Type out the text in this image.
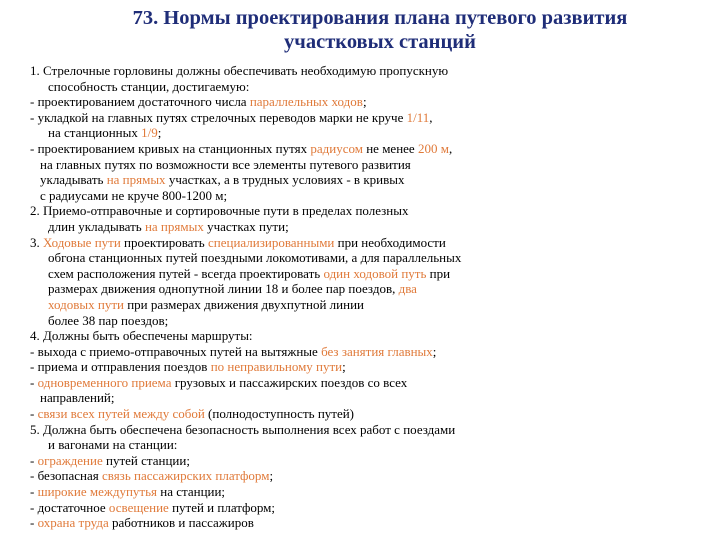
73. Нормы проектирования плана путевого развития
участковых станций
1. Стрелочные горловины должны обеспечивать необходимую пропускную
способность станции, достигаемую:
- проектированием достаточного числа параллельных ходов;
- укладкой на главных путях стрелочных переводов марки не круче 1/11,
на станционных 1/9;
- проектированием кривых на станционных путях радиусом не менее 200 м,
на главных путях по возможности все элементы путевого развития
укладывать на прямых участках, а в трудных условиях - в кривых
с радиусами не круче 800-1200 м;
2. Приемо-отправочные и сортировочные пути в пределах полезных
длин укладывать на прямых участках пути;
3. Ходовые пути проектировать специализированными при необходимости
обгона станционных путей поездными локомотивами, а для параллельных
схем расположения путей - всегда проектировать один ходовой путь при
размерах движения однопутной линии 18 и более пар поездов, два
ходовых пути при размерах движения двухпутной линии
более 38 пар поездов;
4. Должны быть обеспечены маршруты:
- выхода с приемо-отправочных путей на вытяжные без занятия главных;
- приема и отправления поездов по неправильному пути;
- одновременного приема грузовых и пассажирских поездов со всех
направлений;
- связи всех путей между собой (полнодоступность путей)
5. Должна быть обеспечена безопасность выполнения всех работ с поездами
и вагонами на станции:
- ограждение путей станции;
- безопасная связь пассажирских платформ;
- широкие междупутья на станции;
- достаточное освещение путей и платформ;
- охрана труда работников и пассажиров
